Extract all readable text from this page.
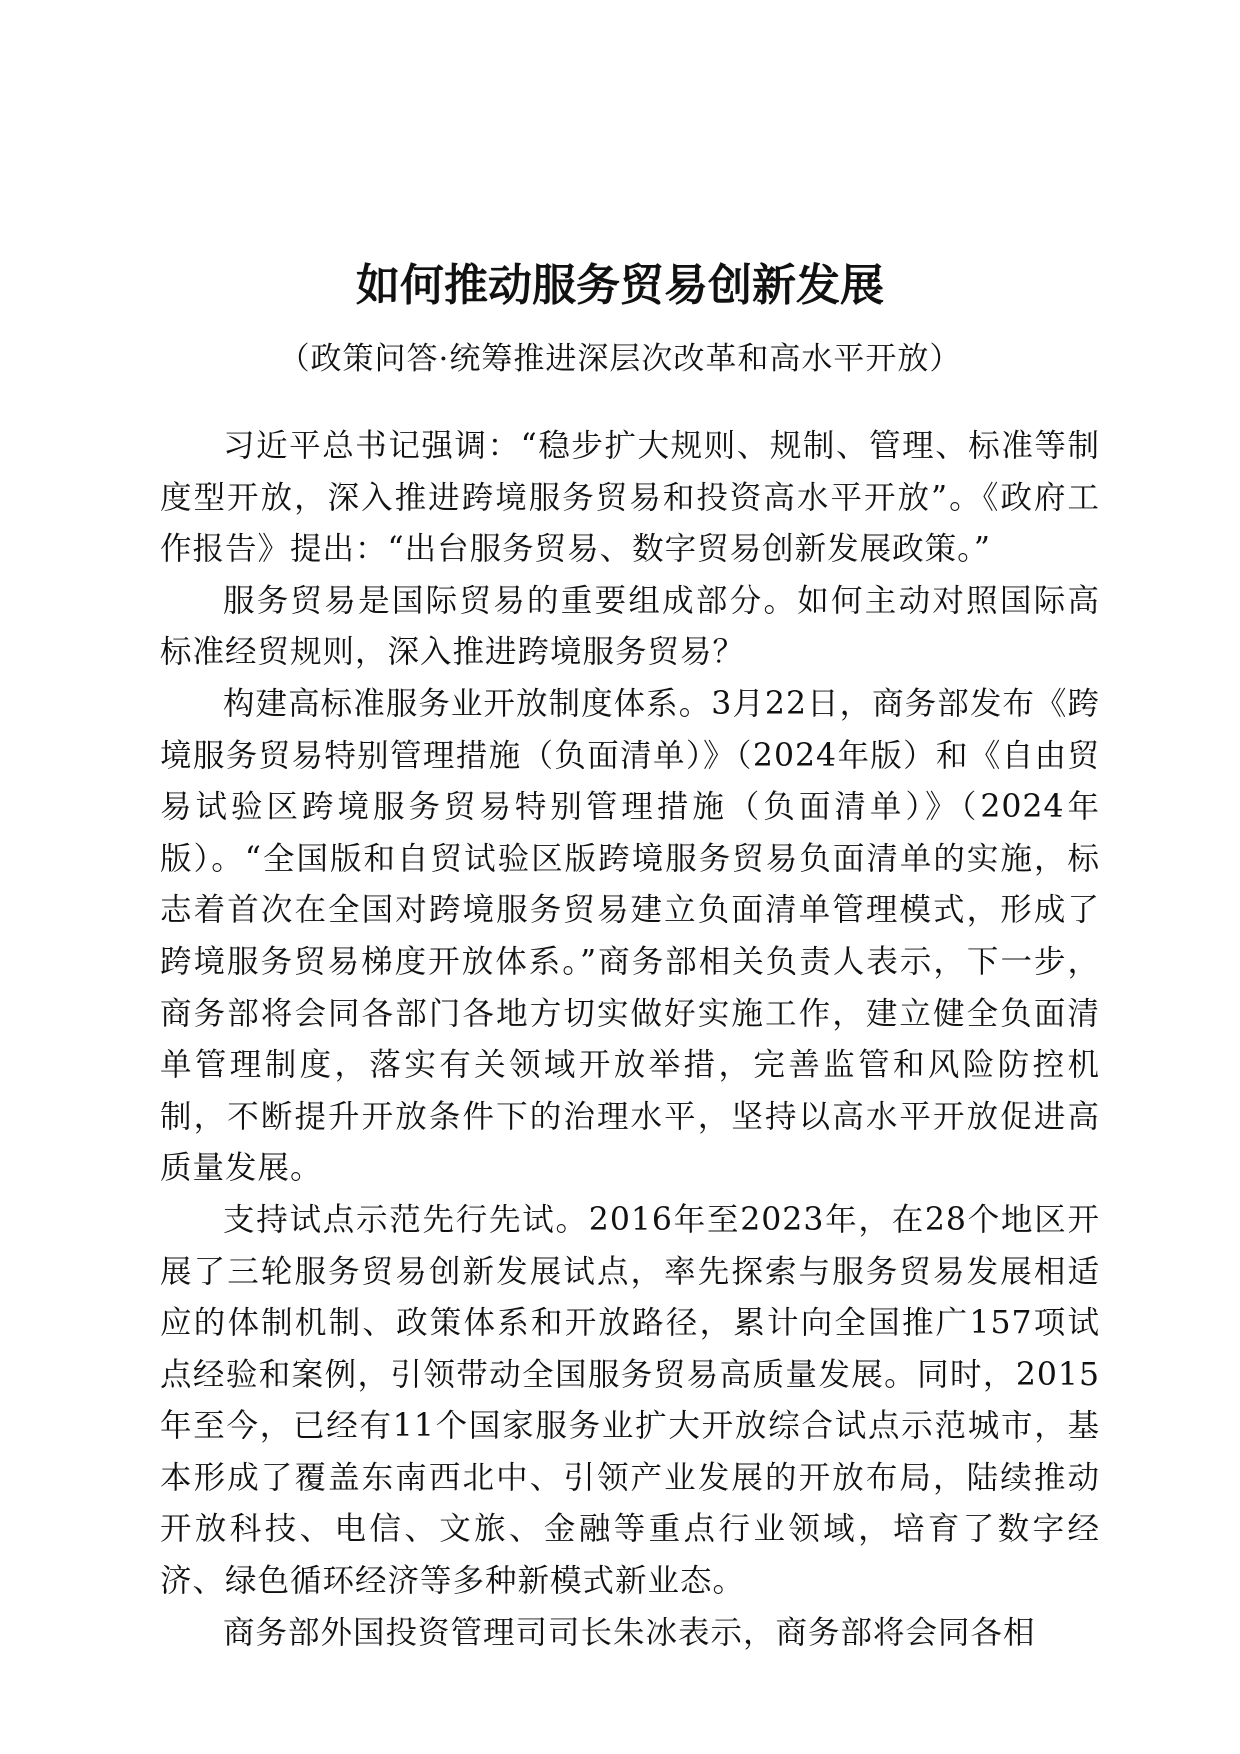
如何推动服务贸易创新发展
（政策问答·统筹推进深层次改革和高水平开放）

习近平总书记强调：“稳步扩大规则、规制、管理、标准等制度型开放，深入推进跨境服务贸易和投资高水平开放”。《政府工作报告》提出：“出台服务贸易、数字贸易创新发展政策。”

服务贸易是国际贸易的重要组成部分。如何主动对照国际高标准经贸规则，深入推进跨境服务贸易？

构建高标准服务业开放制度体系。3月22日，商务部发布《跨境服务贸易特别管理措施（负面清单）》（2024年版）和《自由贸易试验区跨境服务贸易特别管理措施（负面清单）》（2024年版）。“全国版和自贸试验区版跨境服务贸易负面清单的实施，标志着首次在全国对跨境服务贸易建立负面清单管理模式，形成了跨境服务贸易梯度开放体系。”商务部相关负责人表示，下一步，商务部将会同各部门各地方切实做好实施工作，建立健全负面清单管理制度，落实有关领域开放举措，完善监管和风险防控机制，不断提升开放条件下的治理水平，坚持以高水平开放促进高质量发展。

支持试点示范先行先试。2016年至2023年，在28个地区开展了三轮服务贸易创新发展试点，率先探索与服务贸易发展相适应的体制机制、政策体系和开放路径，累计向全国推广157项试点经验和案例，引领带动全国服务贸易高质量发展。同时，2015年至今，已经有11个国家服务业扩大开放综合试点示范城市，基本形成了覆盖东南西北中、引领产业发展的开放布局，陆续推动开放科技、电信、文旅、金融等重点行业领域，培育了数字经济、绿色循环经济等多种新模式新业态。

商务部外国投资管理司司长朱冰表示，商务部将会同各相
